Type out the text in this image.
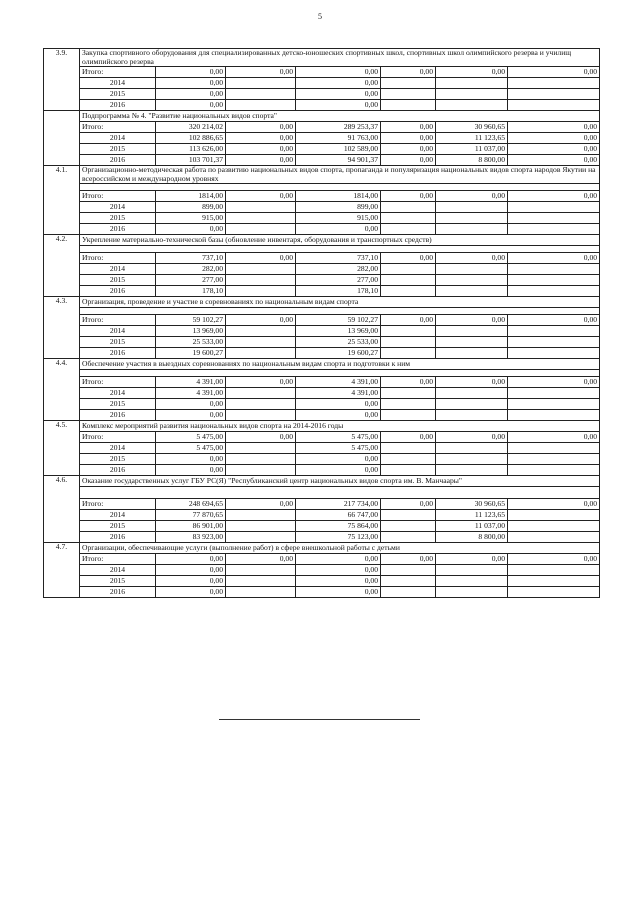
5
3.9.	Закупка спортивного оборудования для специализированных детско-юношеских спортивных школ, спортивных школ олимпийского резерва и училищ олимпийского резерва						
	Итого:	0,00	0,00	0,00	0,00	0,00	0,00
	2014	0,00		0,00			
	2015	0,00		0,00			
	2016	0,00		0,00			
	Подпрограмма № 4. "Развитие национальных видов спорта"						
	Итого:	320 214,02	0,00	289 253,37	0,00	30 960,65	0,00
	2014	102 886,65	0,00	91 763,00	0,00	11 123,65	0,00
	2015	113 626,00	0,00	102 589,00	0,00	11 037,00	0,00
	2016	103 701,37	0,00	94 901,37	0,00	8 800,00	0,00
4.1.	Организационно-методическая работа по развитию национальных видов спорта, пропаганда и популяризация национальных видов спорта народов Якутии на всероссийском и международном уровнях						

	Итого:	1814,00	0,00	1814,00	0,00	0,00	0,00
	2014	899,00		899,00			
	2015	915,00		915,00			
	2016	0,00		0,00			
4.2.	Укрепление материально-технической базы (обновление инвентаря, оборудования и транспортных средств)						

	Итого:	737,10	0,00	737,10	0,00	0,00	0,00
	2014	282,00		282,00			
	2015	277,00		277,00			
	2016	178,10		178,10			
4.3.	Организация, проведение и участие в соревнованиях по национальным видам спорта						

	Итого:	59 102,27	0,00	59 102,27	0,00	0,00	0,00
	2014	13 969,00		13 969,00			
	2015	25 533,00		25 533,00			
	2016	19 600,27		19 600,27			
4.4.	Обеспечение участия в выездных соревнованиях по национальным видам спорта и подготовки к ним						

	Итого:	4 391,00	0,00	4 391,00	0,00	0,00	0,00
	2014	4 391,00		4 391,00			
	2015	0,00		0,00			
	2016	0,00		0,00			
4.5.	Комплекс мероприятий развития национальных видов спорта на 2014-2016 годы						
	Итого:	5 475,00	0,00	5 475,00	0,00	0,00	0,00
	2014	5 475,00		5 475,00			
	2015	0,00		0,00			
	2016	0,00		0,00			
4.6.	Оказание государственных услуг ГБУ РС(Я) "Республиканский центр национальных видов спорта им. В. Манчаары"						

	Итого:	248 694,65	0,00	217 734,00	0,00	30 960,65	0,00
	2014	77 870,65		66 747,00		11 123,65	
	2015	86 901,00		75 864,00		11 037,00	
	2016	83 923,00		75 123,00		8 800,00	
4.7.	Организации, обеспечивающие услуги (выполнение работ) в сфере внешкольной работы с детьми						
	Итого:	0,00	0,00	0,00	0,00	0,00	0,00
	2014	0,00		0,00			
	2015	0,00		0,00			
	2016	0,00		0,00			
